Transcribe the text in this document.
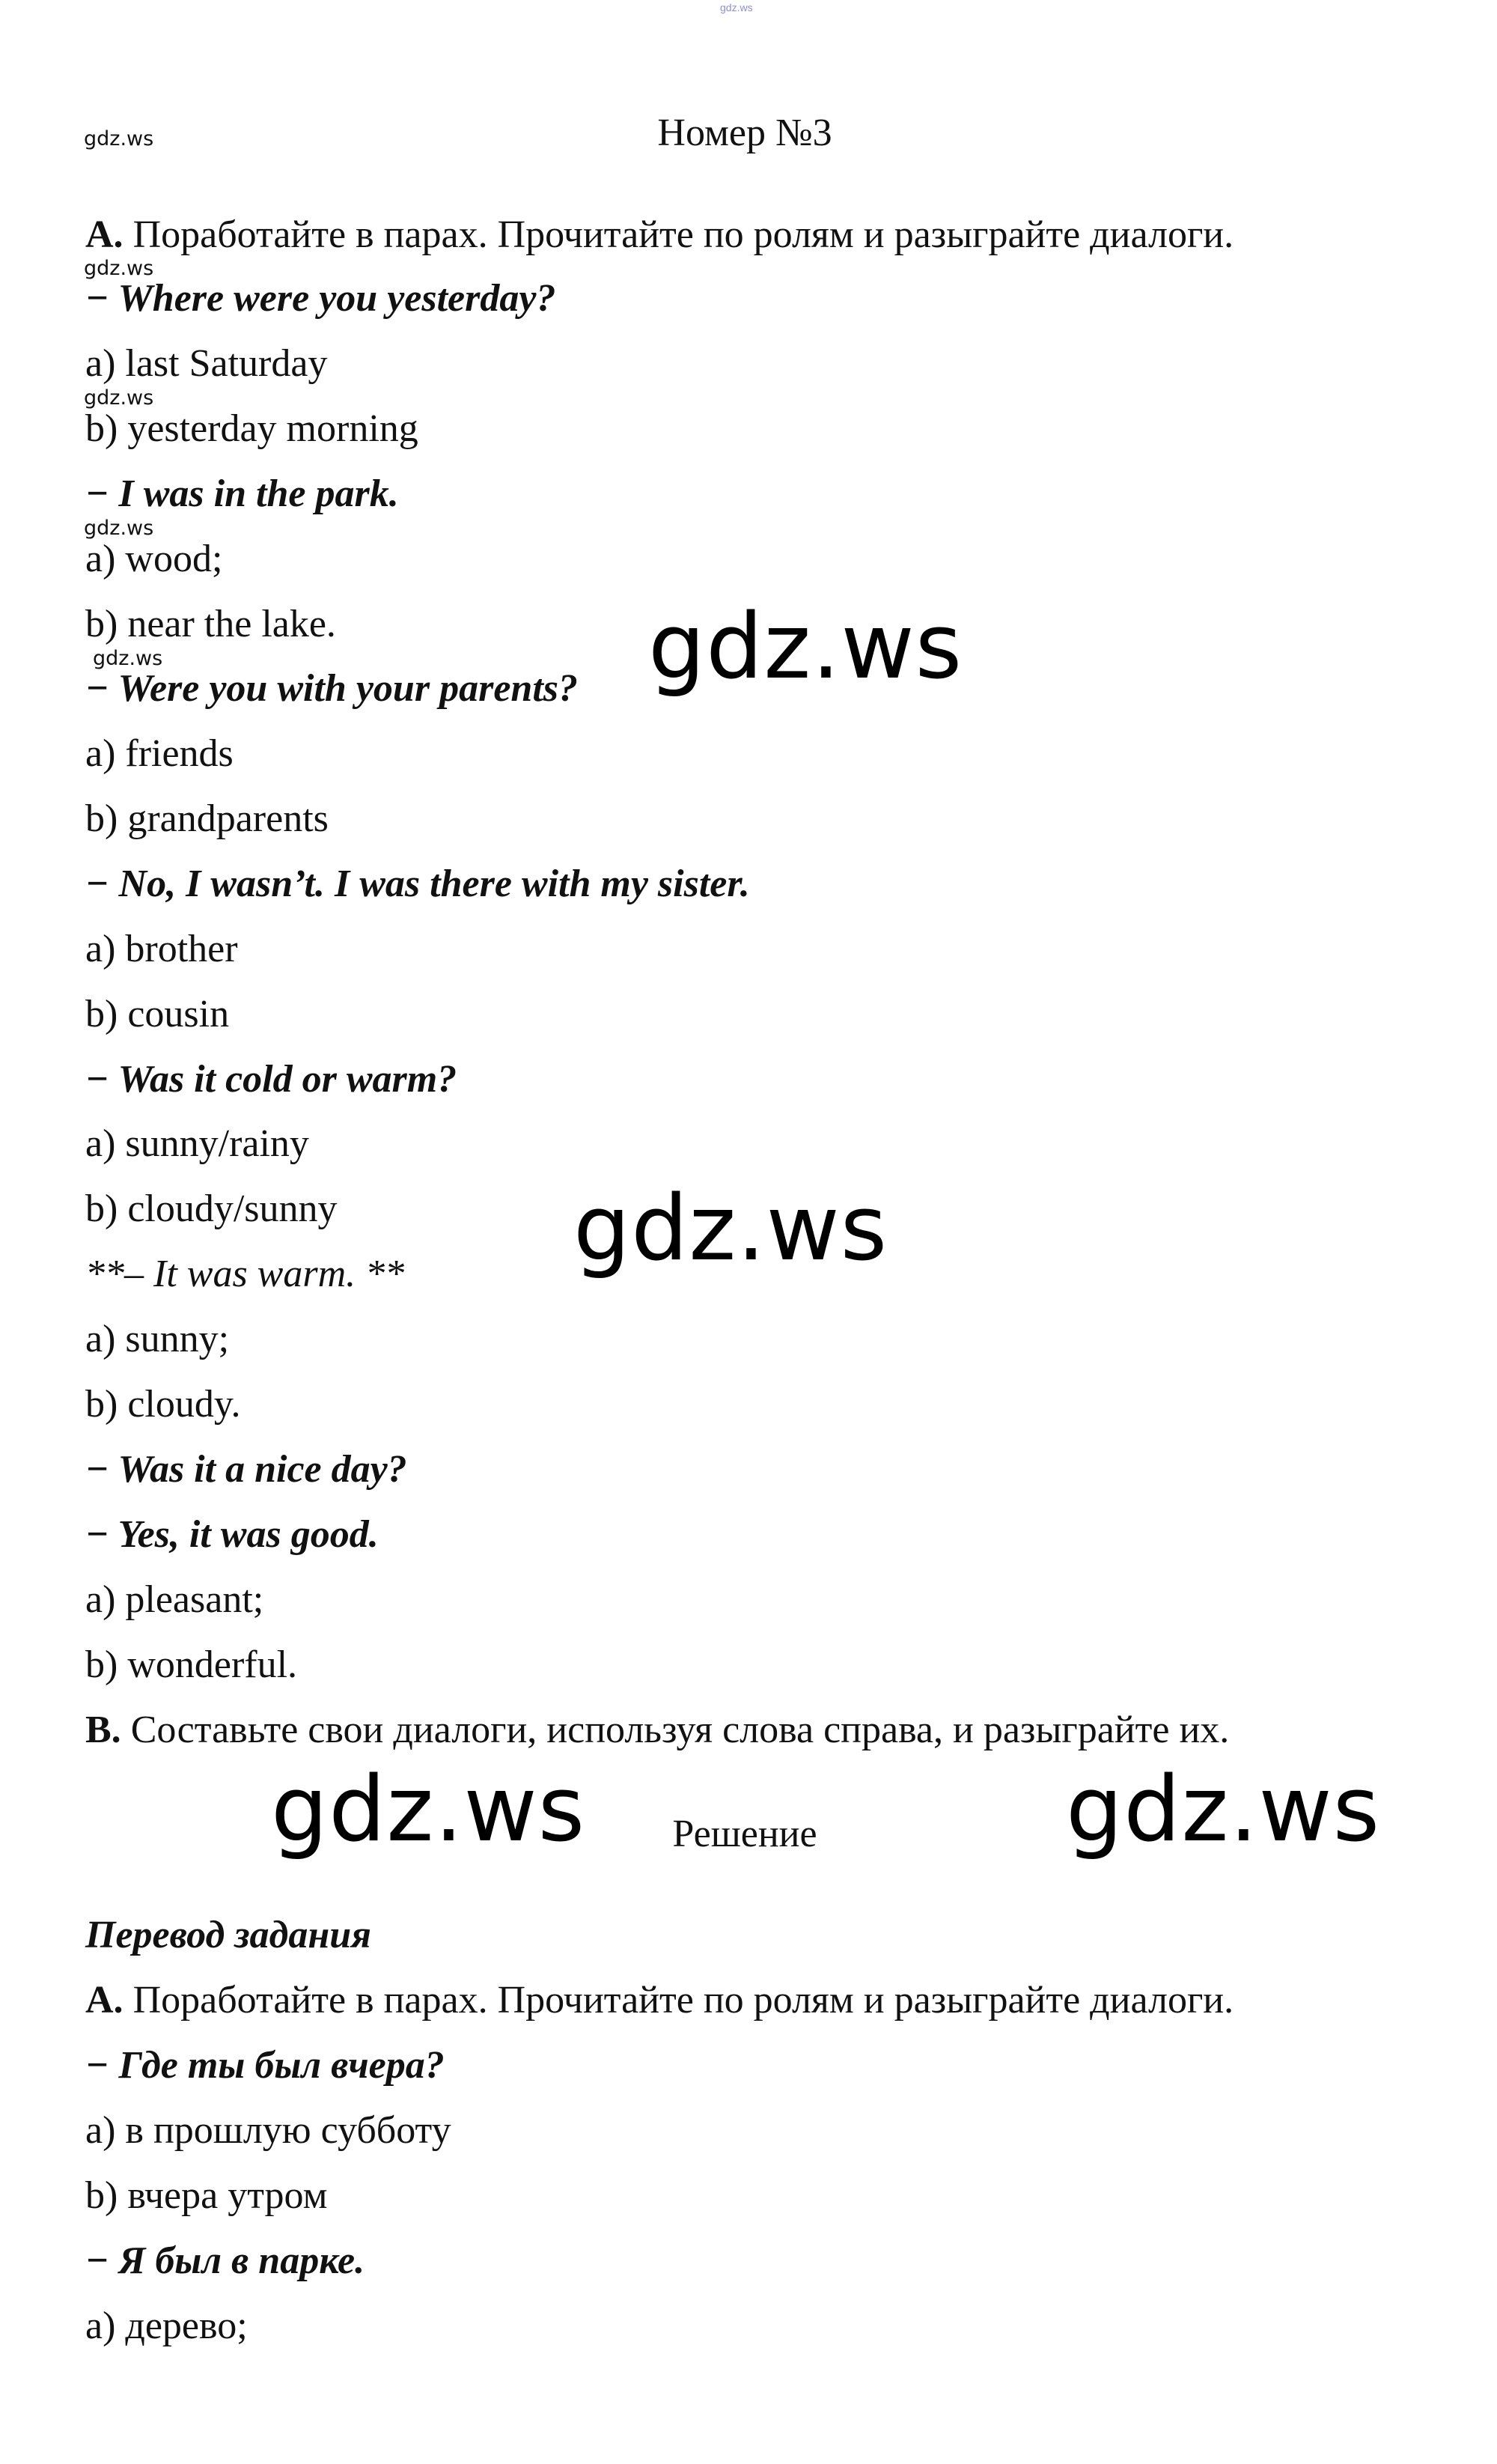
gdz.ws
gdz.ws	Номер №3
A. Поработайте в парах. Прочитайте по ролям и разыграйте диалоги.
gdz.ws
− Where were you yesterday?
a) last Saturday
gdz.ws
b) yesterday morning
− I was in the park.
gdz.ws
a) wood;
b) near the lake.
gdz.ws
− Were you with your parents? gdz.ws
a) friends
b) grandparents
− No, I wasn’t. I was there with my sister.
a) brother
b) cousin
− Was it cold or warm?
a) sunny/rainy
b) cloudy/sunny	gdz.ws
**– It was warm. **
a) sunny;
b) cloudy.
− Was it a nice day?
− Yes, it was good.
a) pleasant;
b) wonderful.
B. Составьте свои диалоги, используя слова справа, и разыграйте их.
gdz.ws	gdz.ws
Решение
Перевод задания
A. Поработайте в парах. Прочитайте по ролям и разыграйте диалоги.
− Где ты был вчера?
a) в прошлую субботу
b) вчера утром
− Я был в парке.
a) дерево;
